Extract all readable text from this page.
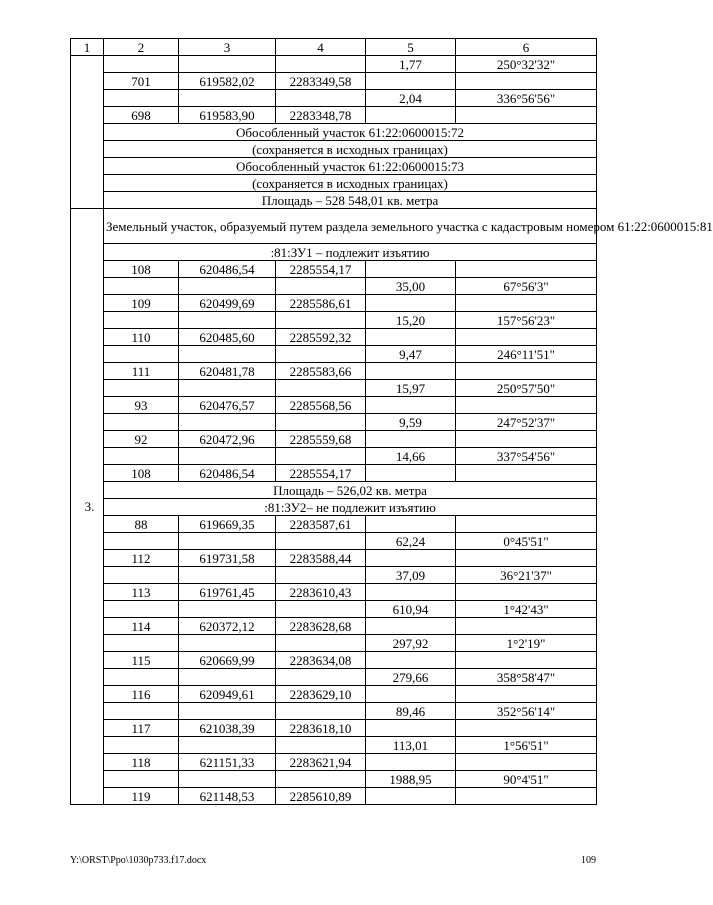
1	2	3	4	5	6
				1,77	250°32'32"
	701	619582,02	2283349,58		
				2,04	336°56'56"
	698	619583,90	2283348,78		
	Обособленный участок 61:22:0600015:72				
	(сохраняется в исходных границах)				
	Обособленный участок 61:22:0600015:73				
	(сохраняется в исходных границах)				
	Площадь – 528 548,01 кв. метра				
3.	Земельный участок, образуемый путем раздела земельного участка с кадастровым номером 61:22:0600015:81				
	:81:ЗУ1 – подлежит изъятию				
	108	620486,54	2285554,17		
				35,00	67°56'3"
	109	620499,69	2285586,61		
				15,20	157°56'23"
	110	620485,60	2285592,32		
				9,47	246°11'51"
	111	620481,78	2285583,66		
				15,97	250°57'50"
	93	620476,57	2285568,56		
				9,59	247°52'37"
	92	620472,96	2285559,68		
				14,66	337°54'56"
	108	620486,54	2285554,17		
	Площадь – 526,02 кв. метра				
	:81:ЗУ2– не подлежит изъятию				
	88	619669,35	2283587,61		
				62,24	0°45'51"
	112	619731,58	2283588,44		
				37,09	36°21'37"
	113	619761,45	2283610,43		
				610,94	1°42'43"
	114	620372,12	2283628,68		
				297,92	1°2'19"
	115	620669,99	2283634,08		
				279,66	358°58'47"
	116	620949,61	2283629,10		
				89,46	352°56'14"
	117	621038,39	2283618,10		
				113,01	1°56'51"
	118	621151,33	2283621,94		
				1988,95	90°4'51"
	119	621148,53	2285610,89		
Y:\ORST\Ppo\1030p733.f17.docx	109
